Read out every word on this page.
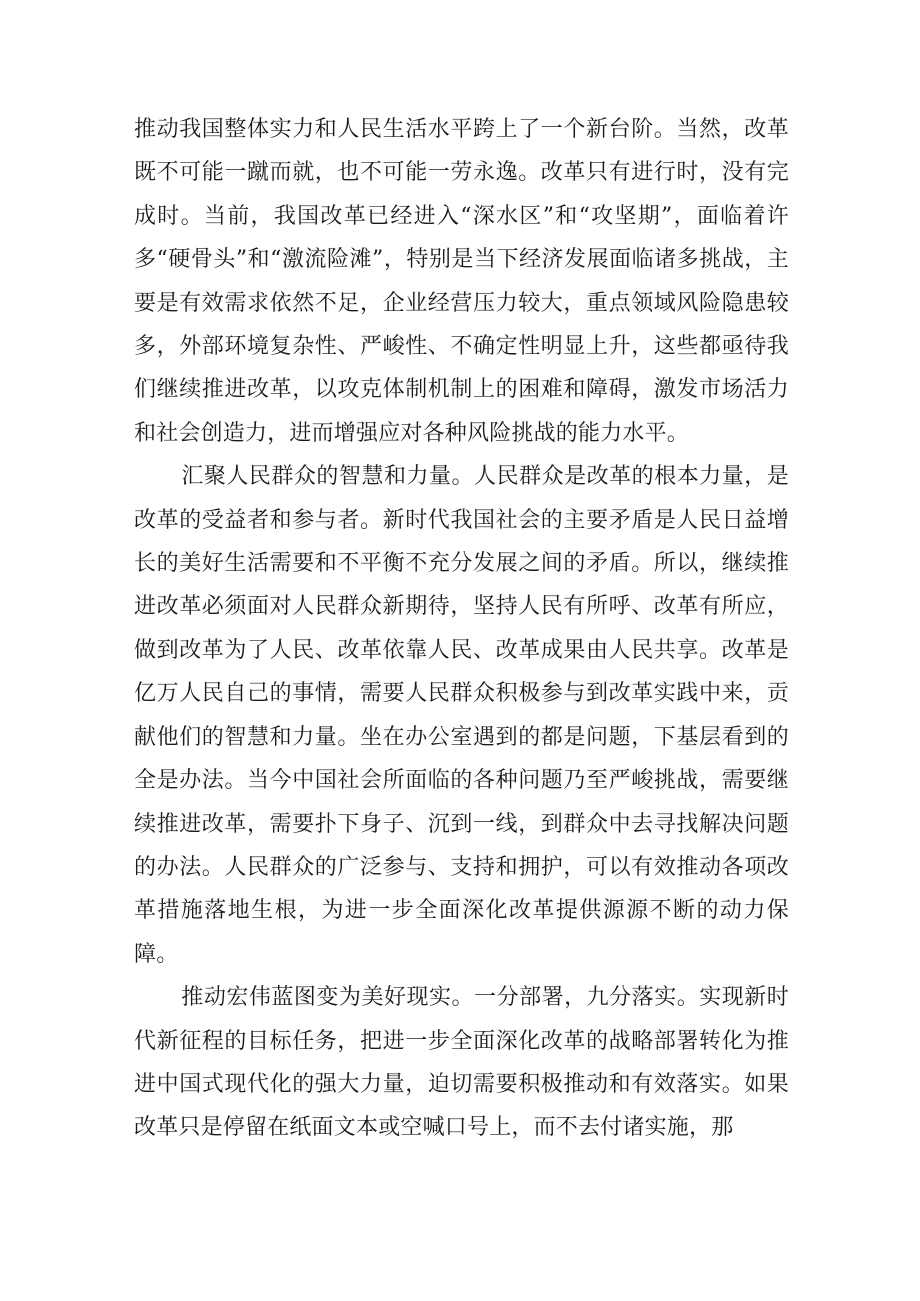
推动我国整体实力和人民生活水平跨上了一个新台阶。当然，改革既不可能一蹴而就，也不可能一劳永逸。改革只有进行时，没有完成时。当前，我国改革已经进入“深水区”和“攻坚期”，面临着许多“硬骨头”和“激流险滩”，特别是当下经济发展面临诸多挑战，主要是有效需求依然不足，企业经营压力较大，重点领域风险隐患较多，外部环境复杂性、严峻性、不确定性明显上升，这些都亟待我们继续推进改革，以攻克体制机制上的困难和障碍，激发市场活力和社会创造力，进而增强应对各种风险挑战的能力水平。

汇聚人民群众的智慧和力量。人民群众是改革的根本力量，是改革的受益者和参与者。新时代我国社会的主要矛盾是人民日益增长的美好生活需要和不平衡不充分发展之间的矛盾。所以，继续推进改革必须面对人民群众新期待，坚持人民有所呼、改革有所应，做到改革为了人民、改革依靠人民、改革成果由人民共享。改革是亿万人民自己的事情，需要人民群众积极参与到改革实践中来，贡献他们的智慧和力量。坐在办公室遇到的都是问题，下基层看到的全是办法。当今中国社会所面临的各种问题乃至严峻挑战，需要继续推进改革，需要扑下身子、沉到一线，到群众中去寻找解决问题的办法。人民群众的广泛参与、支持和拥护，可以有效推动各项改革措施落地生根，为进一步全面深化改革提供源源不断的动力保障。

推动宏伟蓝图变为美好现实。一分部署，九分落实。实现新时代新征程的目标任务，把进一步全面深化改革的战略部署转化为推进中国式现代化的强大力量，迫切需要积极推动和有效落实。如果改革只是停留在纸面文本或空喊口号上，而不去付诸实施，那
